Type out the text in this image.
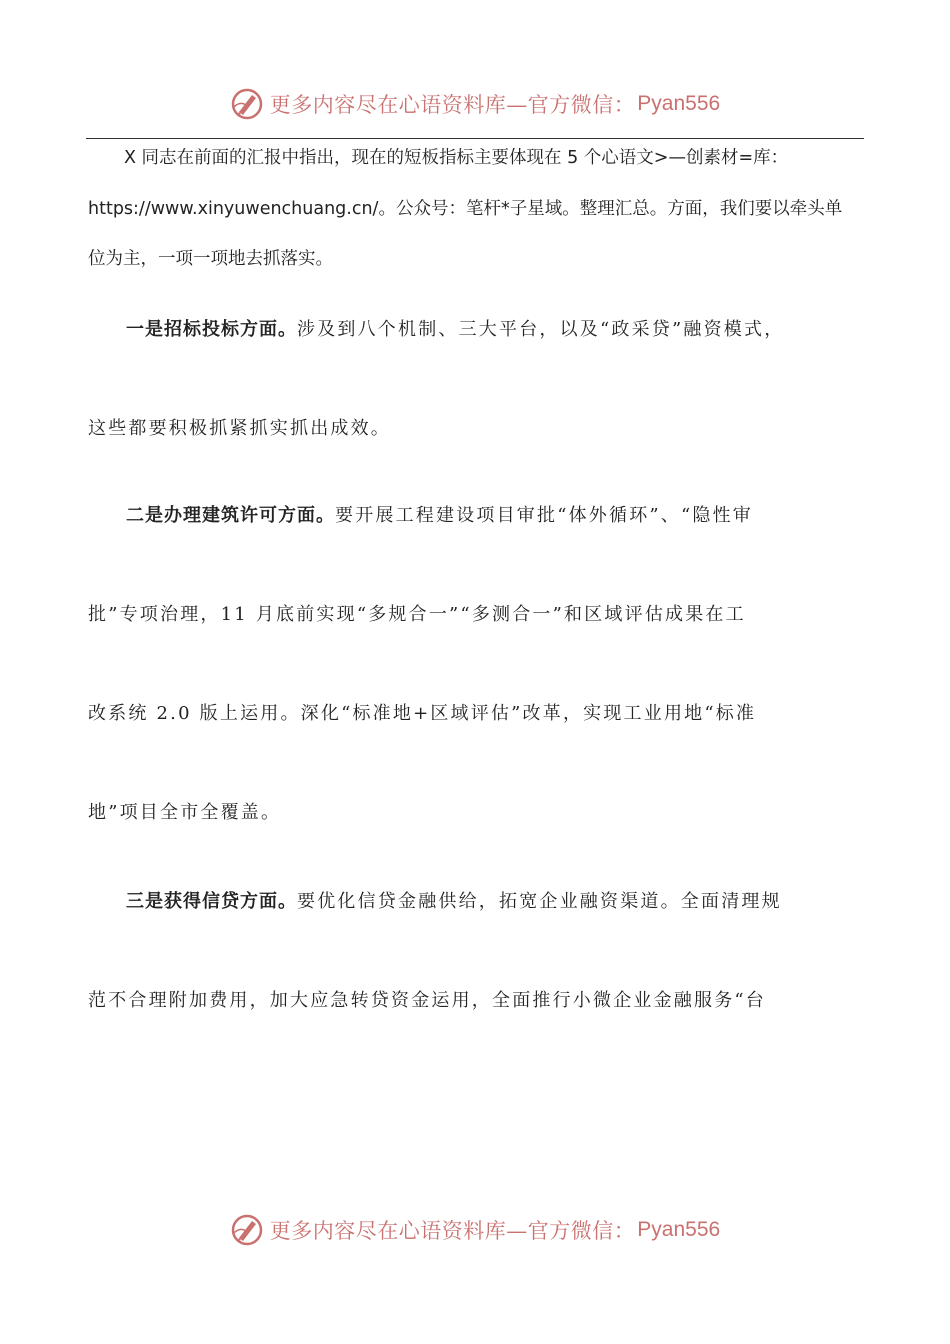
更多内容尽在心语资料库—官方微信： Pyan556
X 同志在前面的汇报中指出，现在的短板指标主要体现在 5 个心语文>—创素材=库：
https://www.xinyuwenchuang.cn/。公众号：笔杆*子星域。整理汇总。方面，我们要以牵头单
位为主，一项一项地去抓落实。
一是招标投标方面。涉及到八个机制、三大平台，以及“政采贷”融资模式，
这些都要积极抓紧抓实抓出成效。
二是办理建筑许可方面。要开展工程建设项目审批“体外循环”、“隐性审
批”专项治理，11 月底前实现“多规合一”“多测合一”和区域评估成果在工
改系统 2.0 版上运用。深化“标准地+区域评估”改革，实现工业用地“标准
地”项目全市全覆盖。
三是获得信贷方面。要优化信贷金融供给，拓宽企业融资渠道。全面清理规
范不合理附加费用，加大应急转贷资金运用，全面推行小微企业金融服务“台
更多内容尽在心语资料库—官方微信： Pyan556
